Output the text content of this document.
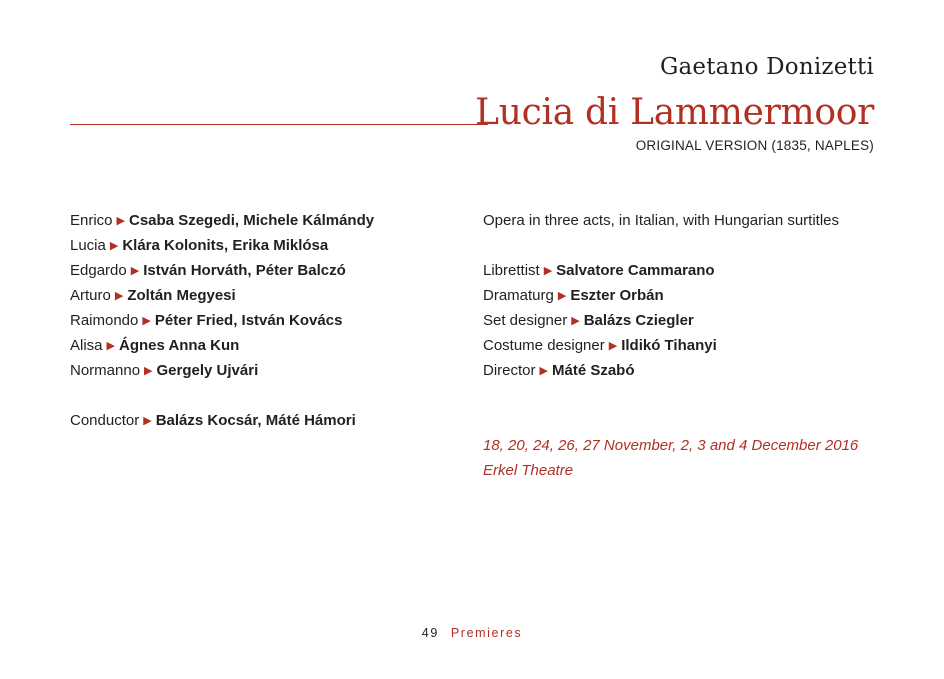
Gaetano Donizetti
Lucia di Lammermoor
ORIGINAL VERSION (1835, NAPLES)
Enrico ▶ Csaba Szegedi, Michele Kálmándy
Lucia ▶ Klára Kolonits, Erika Miklósa
Edgardo ▶ István Horváth, Péter Balczó
Arturo ▶ Zoltán Megyesi
Raimondo ▶ Péter Fried, István Kovács
Alisa ▶ Ágnes Anna Kun
Normanno ▶ Gergely Ujvári
Conductor ▶ Balázs Kocsár, Máté Hámori
Opera in three acts, in Italian, with Hungarian surtitles
Librettist ▶ Salvatore Cammarano
Dramaturg ▶ Eszter Orbán
Set designer ▶ Balázs Cziegler
Costume designer ▶ Ildikó Tihanyi
Director ▶ Máté Szabó
18, 20, 24, 26, 27 November, 2, 3 and 4 December 2016
Erkel Theatre
49 Premieres
